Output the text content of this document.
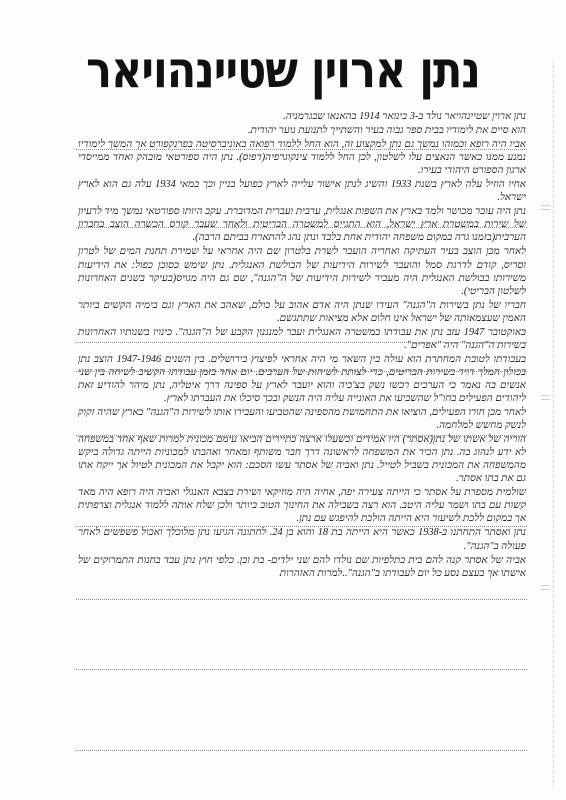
נתן ארוין שטיינהויאר

נתן ארוין שטיינהויאר נולד ב-3 בינואר 1914 בהאנאו שבגרמניה.

הוא סיים את לימודיו בבית ספר גבוה בעיר והשתייך לתנועת נוער יהודית.

אביו היה רופא וכמוהו נמשך גם נתן למקצוע זה, הוא החל ללמוד רפואה באוניברסיטה בפרנקפורט אך המשך לימודיו נמנע ממנו כאשר הנאצים עלו לשלטון, לכן החל ללמוד צינקוגרפיה(דפוס). נתן היה ספורטאי מובהק ואחד ממייסדי ארגון הספורט היהודי בעירו.

אחיו הוזיל עלה לארץ בשנת 1933 והשיג לנתן אישור עלייה לארץ כפועל בניין וכך במאי 1934 עלה גם הוא לארץ ישראל.

נתן היה עובר מכושר ולמד בארץ את השפות אנגלית, ערבית ועברית המדוברת. עקב היותו ספורטאי נמשך מיד לרעיון של שירות במשטרת ארץ ישראל, הוא התגייס למשטרה הבריטית ולאחר שעבר קורס הכשרה הוצב בחברון הערבית(בזמנו גרה במקום משפחה יהודית אחת בלבד ונתן נהג להתארח בביתם הרבה).

לאחר מכן הוצב בעיר העתיקה ואחריה הועבר לשרת בלטרון שם היה אחראי על שמירת תחנת המים של לטרון וסריס, קודם לדרגת סמל והועבר לשירות הידיעות של הבולשת האנגלית. נתן שימש כסוכן כפול: את הידיעות משירותו בבולשת האנגלית היה מעביר לשירות הידיעות של ה"הגנה", שם גם היה מגויס(בעיקר בשנים האחרונות לשלטון הבריטי).

חבריו של נתן בשירות ה"הגנה" העידו שנתן היה אדם אהוב על כולם, שאהב את הארץ וגם בימיה הקשים ביותר האמין שעצמאותה של ישראל אינו חלום אלא מציאות שתתגשם.

באוקטובר 1947 עזב נתן את עבודתו במשטרה האנגלית ועבר למנגנון הקבע של ה"הגנה". כינויו בשנותיו האחרונות בשירות ה"הגנה" היה "אפרים".

בעבודתו לטובת המחתרת הוא עולה בין השאר מי היה אחראי לפיצוץ בירושלים. בין השנים 1947-1946 הוצב נתן בכולון המלך דויד בשירות הבריטים, כדי לצותת לשיחות של הערבים. יום אחד בזמן עבודתו הקשיב לשיחה בין שני אנשים בה נאמר כי הערבים רכשו נשק בצ'כיה והוא יועבר לארץ על ספינה דרך איטליה, נתן מיהר להודיע זאת ליהודים הפעילים בחו"ל שהשביעו את האונייה עליה היה הנשק ובכך סיכלו את העברתו לארץ.

לאחר מכן חורו הפעילים, הוציאו את התחמושת מהספינה שהטביעו והעבירו אותו לשירות ה"הגנה" בארץ שהיה זקוק לנשק מחשש למלחמה.

הוריה של אשתו של נתן(אסתר) היו אמידים וכשעלו ארצה כתיירים הביאו עימם מכונית למרות שאף אחד במשפחה לא ידע לנהוג בה. נתן הכיר את המשפחה לראשונה דרך חבר משותף ומאחר ואהבתו למכוניות הייתה גדולה ביקש מהמשפחה את המכונית בשביל לטייל. נתן ואביה של אסתר עשו הסכם: הוא יקבל את המכונית לטיול אך ייקח אתו גם את בתו אסתר.

שולמית מספרת על אסתר כי הייתה צעירה יפה, אחיה היה מוזיקאי ושירת בצבא האנגלי ואביה היה רופא היה מאד קשות עם בתו ושמר עליה היטב. הוא רצה בשבילה את החינוך הטוב ביותר ולכן שלח אותה ללמוד אנגלית וצרפתית אך במקום ללכת לשיעור היא הייתה הולכת להיפגש עם נתן.

נתן ואסתר התחתנו ב-1938 כאשר היא הייתה בת 18 והוא בן 24. לחתונה הגיעו נתן מלוכלך ואכול פשפשים לאחר פעולה ב"הגנה".

אביה של אסתר קנה להם בית בתלפיות שם נולדו להם שני ילדים- בת ובן. כלפי חוץ נתן עבד בחנות התמרוקים של אישתו אך בעצם נסע כל יום לעבודתו ב"הגנה"..למרות האזהרות
